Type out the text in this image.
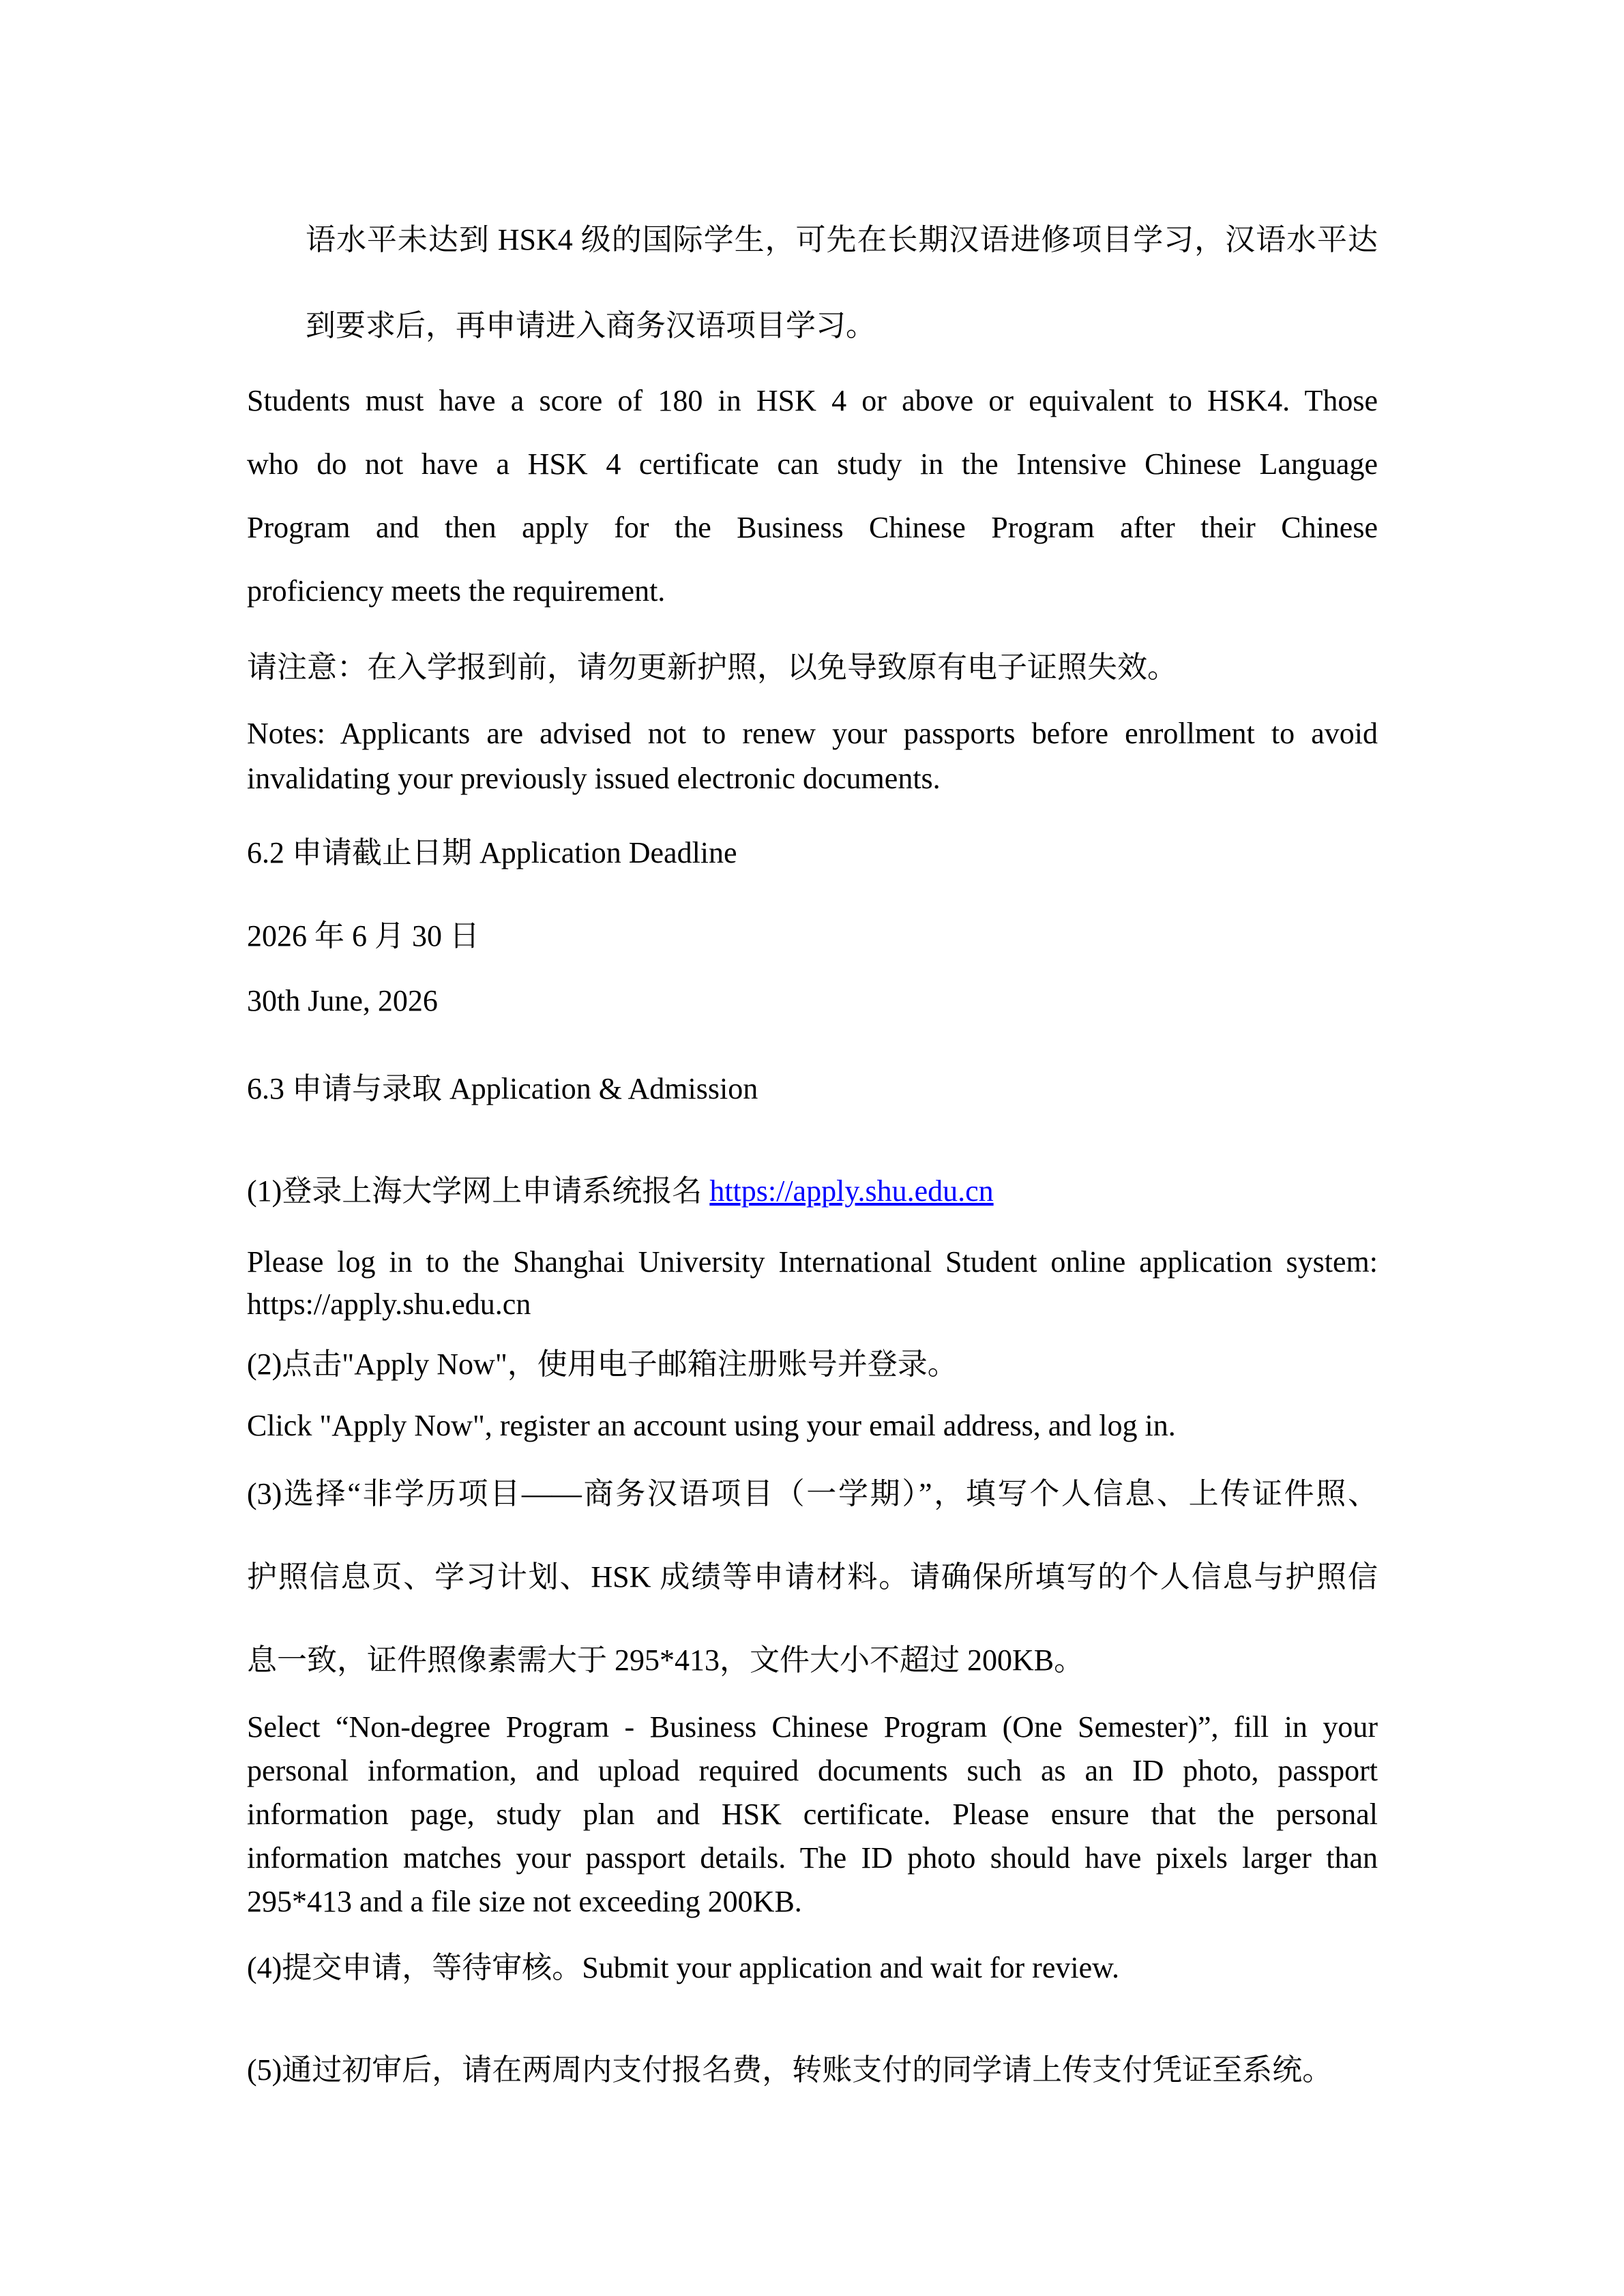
语水平未达到 HSK4 级的国际学生，可先在长期汉语进修项目学习，汉语水平达
到要求后，再申请进入商务汉语项目学习。
Students must have a score of 180 in HSK 4 or above or equivalent to HSK4. Those
who do not have a HSK 4 certificate can study in the Intensive Chinese Language
Program and then apply for the Business Chinese Program after their Chinese
proficiency meets the requirement.
请注意：在入学报到前，请勿更新护照，以免导致原有电子证照失效。
Notes: Applicants are advised not to renew your passports before enrollment to avoid
invalidating your previously issued electronic documents.
6.2 申请截止日期 Application Deadline
2026 年 6 月 30 日
30th June, 2026
6.3 申请与录取 Application & Admission
(1)登录上海大学网上申请系统报名 https://apply.shu.edu.cn
Please log in to the Shanghai University International Student online application system:
https://apply.shu.edu.cn
(2)点击"Apply Now"，使用电子邮箱注册账号并登录。
Click "Apply Now", register an account using your email address, and log in.
(3)选择“非学历项目——商务汉语项目（一学期）”，填写个人信息、上传证件照、
护照信息页、学习计划、HSK 成绩等申请材料。请确保所填写的个人信息与护照信
息一致，证件照像素需大于 295*413，文件大小不超过 200KB。
Select “Non-degree Program - Business Chinese Program (One Semester)”, fill in your
personal information, and upload required documents such as an ID photo, passport
information page, study plan and HSK certificate. Please ensure that the personal
information matches your passport details. The ID photo should have pixels larger than
295*413 and a file size not exceeding 200KB.
(4)提交申请，等待审核。Submit your application and wait for review.
(5)通过初审后，请在两周内支付报名费，转账支付的同学请上传支付凭证至系统。
